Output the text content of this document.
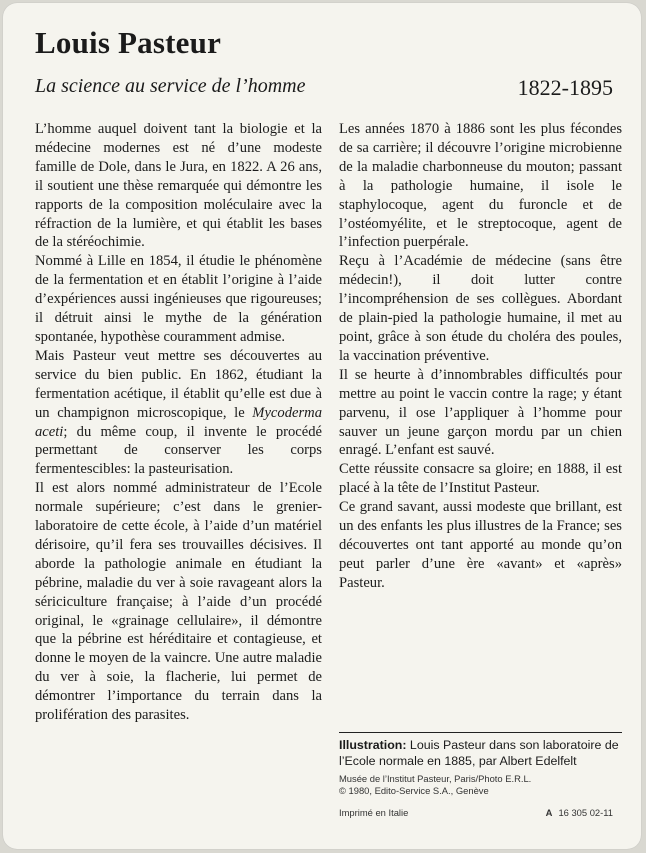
Louis Pasteur
La science au service de l’homme	1822-1895

L’homme auquel doivent tant la biologie et la médecine modernes est né d’une modeste famille de Dole, dans le Jura, en 1822. A 26 ans, il soutient une thèse remarquée qui démontre les rapports de la composition moléculaire avec la réfraction de la lumière, et qui établit les bases de la stéréochimie.

Nommé à Lille en 1854, il étudie le phénomène de la fermentation et en établit l’origine à l’aide d’expériences aussi ingénieuses que rigoureuses; il détruit ainsi le mythe de la génération spontanée, hypothèse couramment admise.

Mais Pasteur veut mettre ses découvertes au service du bien public. En 1862, étudiant la fermentation acétique, il établit qu’elle est due à un champignon microscopique, le Mycoderma aceti; du même coup, il invente le procédé permettant de conserver les corps fermentescibles: la pasteurisation.

Il est alors nommé administrateur de l’Ecole normale supérieure; c’est dans le grenier-laboratoire de cette école, à l’aide d’un matériel dérisoire, qu’il fera ses trouvailles décisives. Il aborde la pathologie animale en étudiant la pébrine, maladie du ver à soie ravageant alors la sériciculture française; à l’aide d’un procédé original, le «grainage cellulaire», il démontre que la pébrine est héréditaire et contagieuse, et donne le moyen de la vaincre. Une autre maladie du ver à soie, la flacherie, lui permet de démontrer l’importance du terrain dans la prolifération des parasites.

Les années 1870 à 1886 sont les plus fécondes de sa carrière; il découvre l’origine microbienne de la maladie charbonneuse du mouton; passant à la pathologie humaine, il isole le staphylocoque, agent du furoncle et de l’ostéomyélite, et le streptocoque, agent de l’infection puerpérale.

Reçu à l’Académie de médecine (sans être médecin!), il doit lutter contre l’incompréhension de ses collègues. Abordant de plain-pied la pathologie humaine, il met au point, grâce à son étude du choléra des poules, la vaccination préventive.

Il se heurte à d’innombrables difficultés pour mettre au point le vaccin contre la rage; y étant parvenu, il ose l’appliquer à l’homme pour sauver un jeune garçon mordu par un chien enragé. L’enfant est sauvé.

Cette réussite consacre sa gloire; en 1888, il est placé à la tête de l’Institut Pasteur.

Ce grand savant, aussi modeste que brillant, est un des enfants les plus illustres de la France; ses découvertes ont tant apporté au monde qu’on peut parler d’une ère «avant» et «après» Pasteur.

Illustration: Louis Pasteur dans son laboratoire de l’Ecole normale en 1885, par Albert Edelfelt
Musée de l’Institut Pasteur, Paris/Photo E.R.L.
© 1980, Edito-Service S.A., Genève
Imprimé en Italie	A 16 305 02-11
